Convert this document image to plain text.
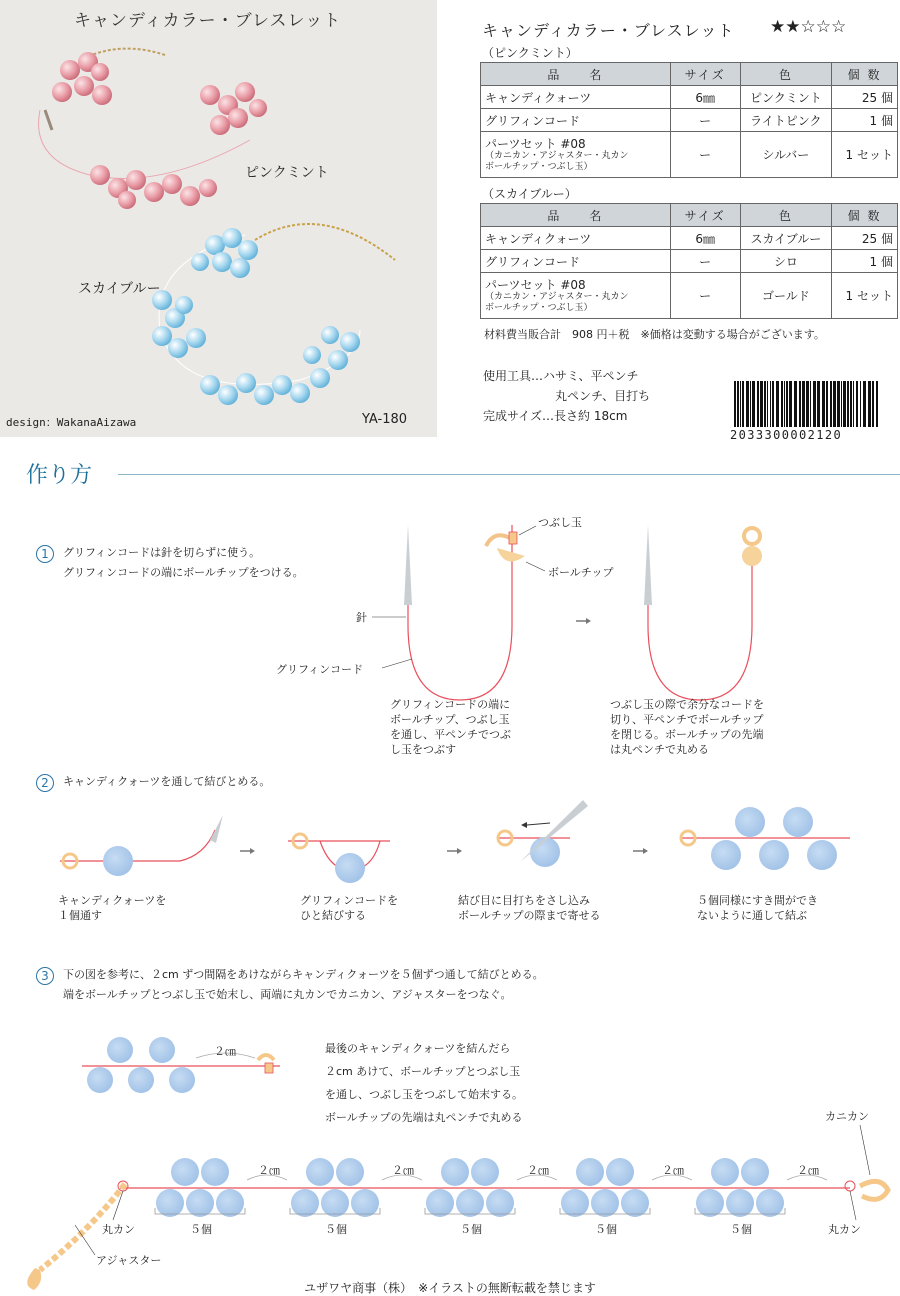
キャンディカラー・ブレスレット
ピンクミント
スカイブルー
design：WakanaAizawa	YA-180
キャンディカラー・ブレスレット ★★☆☆☆
（ピンクミント）
品　　名	サイズ	色	個 数
キャンディクォーツ	6㎜	ピンクミント	25 個
グリフィンコード	ー	ライトピンク	1 個
パーツセット #08
（カニカン・アジャスター・丸カン
ボールチップ・つぶし玉）	ー	シルバー	1 セット
（スカイブルー）
品　　名	サイズ	色	個 数
キャンディクォーツ	6㎜	スカイブルー	25 個
グリフィンコード	ー	シロ	1 個
パーツセット #08
（カニカン・アジャスター・丸カン
ボールチップ・つぶし玉）	ー	ゴールド	1 セット
材料費当販合計　908 円＋税　※価格は変動する場合がございます。
使用工具…ハサミ、平ペンチ
丸ペンチ、目打ち
完成サイズ…長さ約 18cm
2033300002120
作り方
1	グリフィンコードは針を切らずに使う。
グリフィンコードの端にボールチップをつける。
つぶし玉
ボールチップ
針
グリフィンコード
グリフィンコードの端に
ボールチップ、つぶし玉
を通し、平ペンチでつぶ
し玉をつぶす
つぶし玉の際で余分なコードを
切り、平ペンチでボールチップ
を閉じる。ボールチップの先端
は丸ペンチで丸める
2	キャンディクォーツを通して結びとめる。
キャンディクォーツを
１個通す
グリフィンコードを
ひと結びする
結び目に目打ちをさし込み
ボールチップの際まで寄せる
５個同様にすき間ができ
ないように通して結ぶ
3	下の図を参考に、２cm ずつ間隔をあけながらキャンディクォーツを５個ずつ通して結びとめる。
端をボールチップとつぶし玉で始末し、両端に丸カンでカニカン、アジャスターをつなぐ。
２㎝	最後のキャンディクォーツを結んだら
２cm あけて、ボールチップとつぶし玉
を通し、つぶし玉をつぶして始末する。
ボールチップの先端は丸ペンチで丸める	カニカン
２㎝	２㎝	２㎝	２㎝	２㎝
５個	５個	５個	５個	５個
丸カン	丸カン
アジャスター
ユザワヤ商事（株）　※イラストの無断転載を禁じます
